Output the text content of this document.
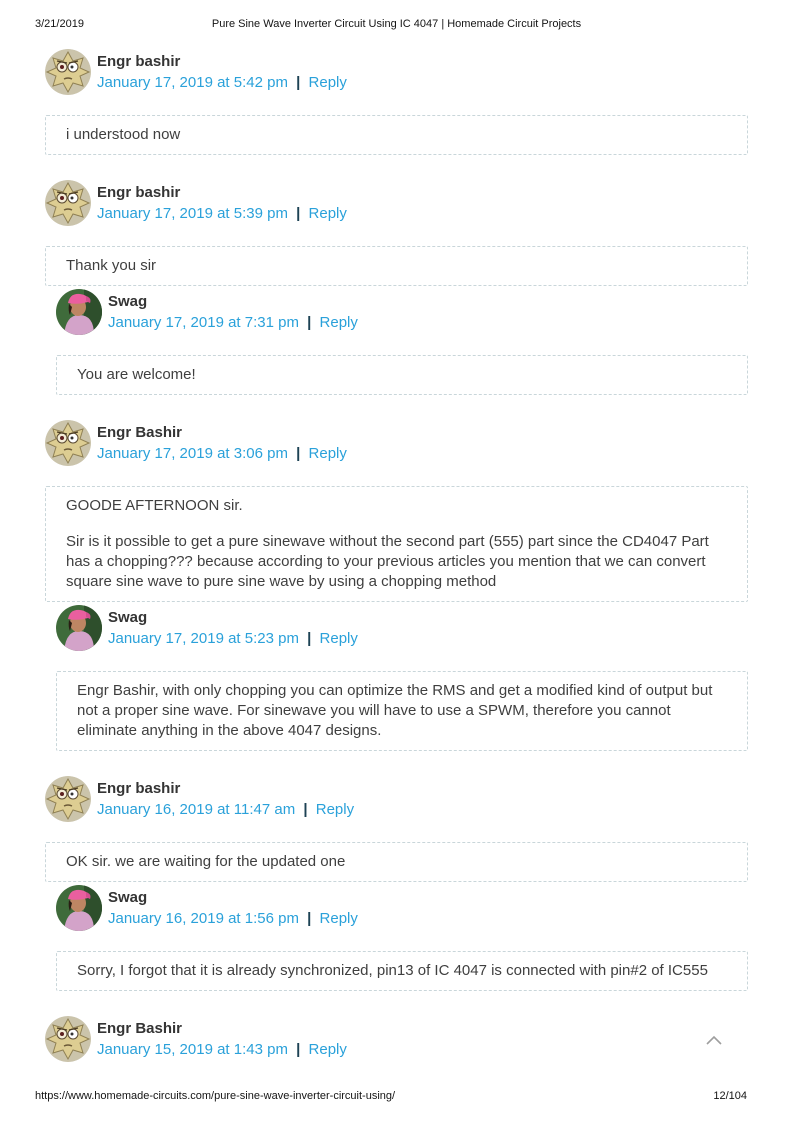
3/21/2019	Pure Sine Wave Inverter Circuit Using IC 4047 | Homemade Circuit Projects
Engr bashir
January 17, 2019 at 5:42 pm | Reply

i understood now

Engr bashir
January 17, 2019 at 5:39 pm | Reply

Thank you sir

Swag
January 17, 2019 at 7:31 pm | Reply

You are welcome!

Engr Bashir
January 17, 2019 at 3:06 pm | Reply

GOODE AFTERNOON sir.

Sir is it possible to get a pure sinewave without the second part (555) part since the CD4047 Part has a chopping??? because according to your previous articles you mention that we can convert square sine wave to pure sine wave by using a chopping method

Swag
January 17, 2019 at 5:23 pm | Reply

Engr Bashir, with only chopping you can optimize the RMS and get a modified kind of output but not a proper sine wave. For sinewave you will have to use a SPWM, therefore you cannot eliminate anything in the above 4047 designs.

Engr bashir
January 16, 2019 at 11:47 am | Reply

OK sir. we are waiting for the updated one

Swag
January 16, 2019 at 1:56 pm | Reply

Sorry, I forgot that it is already synchronized, pin13 of IC 4047 is connected with pin#2 of IC555

Engr Bashir
January 15, 2019 at 1:43 pm | Reply
https://www.homemade-circuits.com/pure-sine-wave-inverter-circuit-using/	12/104
